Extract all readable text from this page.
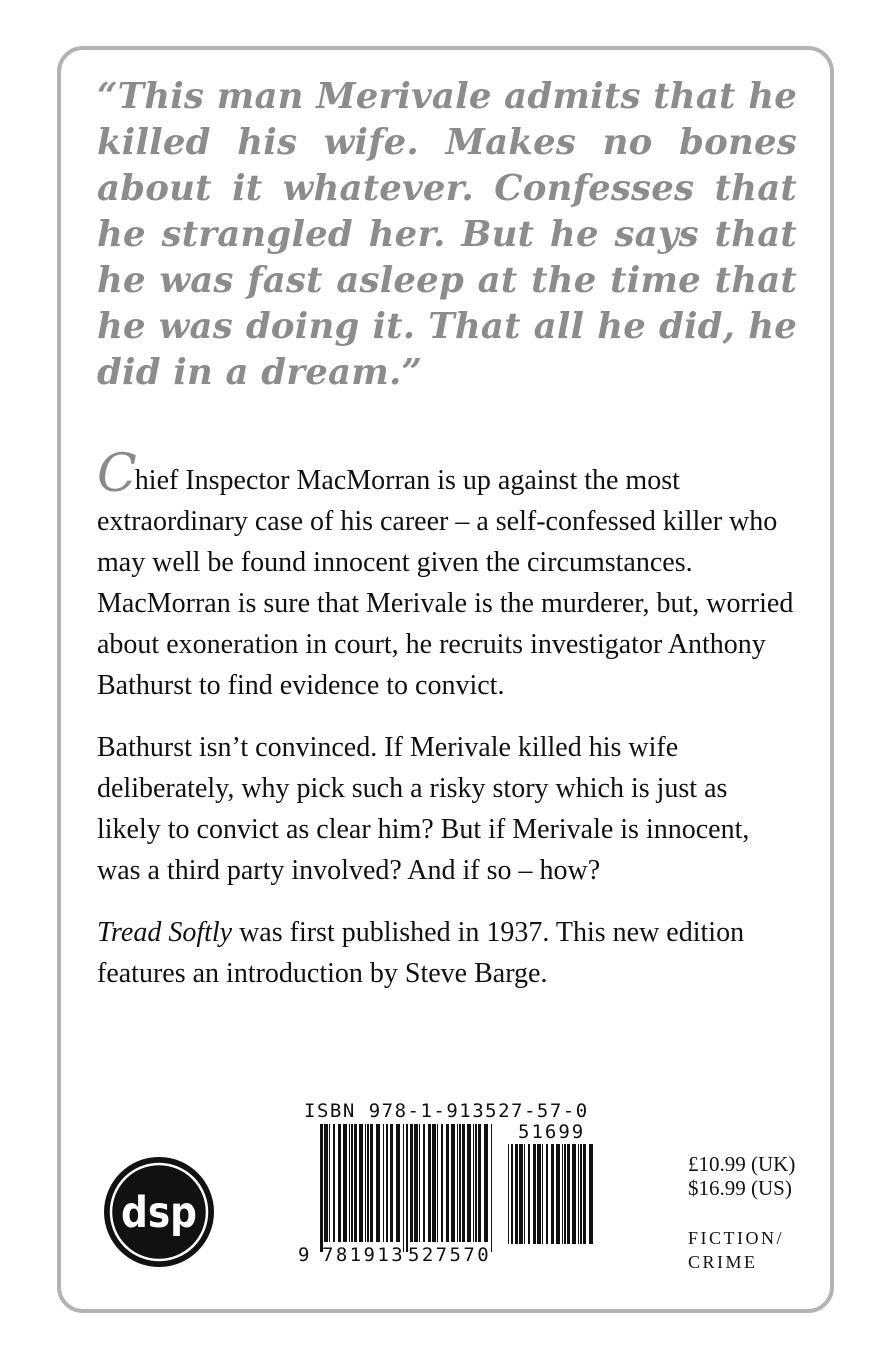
“This man Merivale admits that he killed his wife. Makes no bones about it whatever. Confesses that he strangled her. But he says that he was fast asleep at the time that he was doing it. That all he did, he did in a dream.”

Chief Inspector MacMorran is up against the most extraordinary case of his career – a self-confessed killer who may well be found innocent given the circumstances. MacMorran is sure that Merivale is the murderer, but, worried about exoneration in court, he recruits investigator Anthony Bathurst to find evidence to convict.

Bathurst isn’t convinced. If Merivale killed his wife deliberately, why pick such a risky story which is just as likely to convict as clear him? But if Merivale is innocent, was a third party involved? And if so – how?

Tread Softly was first published in 1937. This new edition features an introduction by Steve Barge.

dsp
ISBN 978-1-913527-57-0
51699
9 781913 527570
£10.99 (UK)
$16.99 (US)
FICTION/
CRIME
